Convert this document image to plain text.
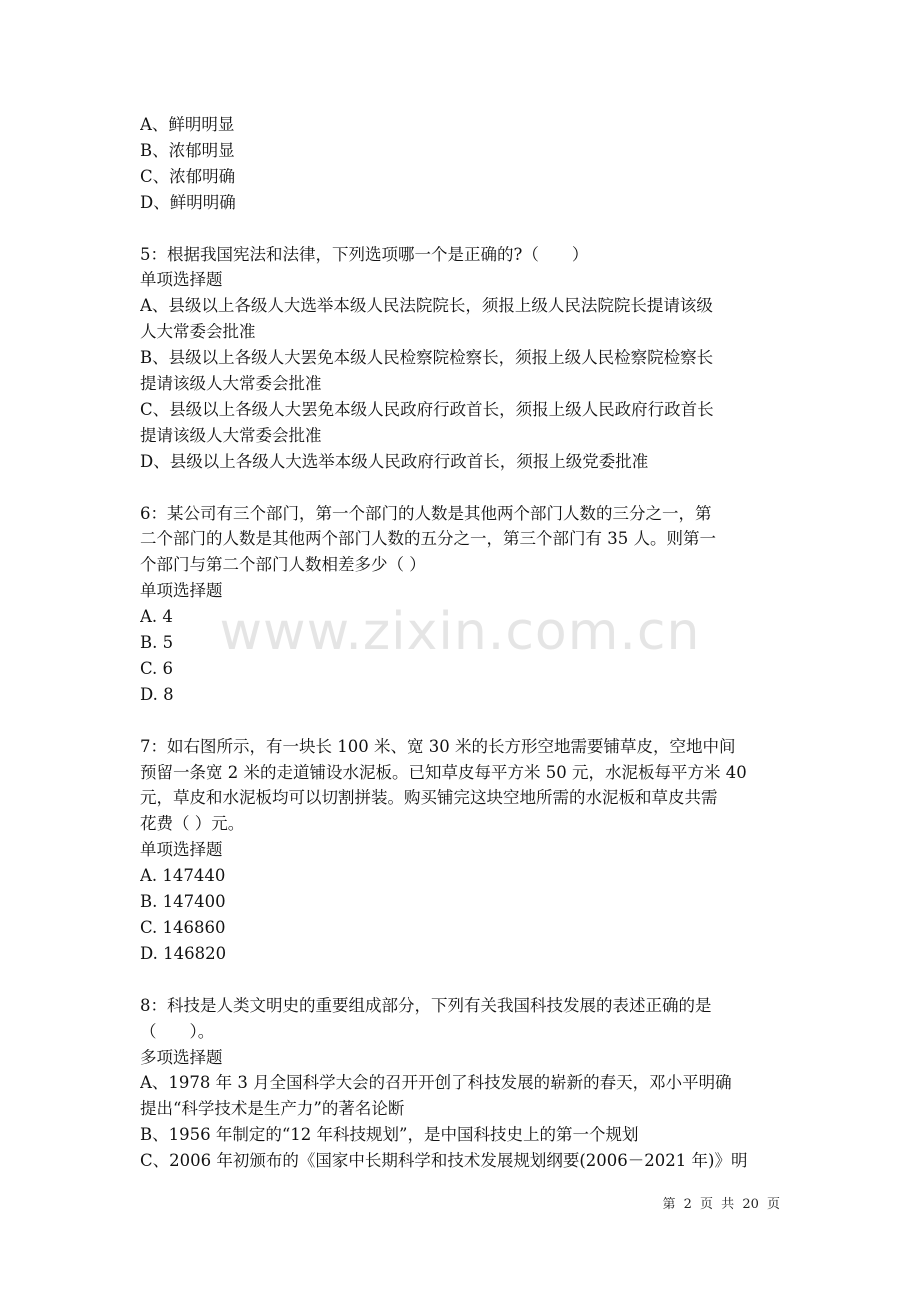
A、鲜明明显
B、浓郁明显
C、浓郁明确
D、鲜明明确
5：根据我国宪法和法律，下列选项哪一个是正确的?（　　）
单项选择题
A、县级以上各级人大选举本级人民法院院长，须报上级人民法院院长提请该级
人大常委会批准
B、县级以上各级人大罢免本级人民检察院检察长，须报上级人民检察院检察长
提请该级人大常委会批准
C、县级以上各级人大罢免本级人民政府行政首长，须报上级人民政府行政首长
提请该级人大常委会批准
D、县级以上各级人大选举本级人民政府行政首长，须报上级党委批准
6：某公司有三个部门，第一个部门的人数是其他两个部门人数的三分之一，第
二个部门的人数是其他两个部门人数的五分之一，第三个部门有 35 人。则第一
个部门与第二个部门人数相差多少（ ）
单项选择题
A. 4
B. 5
C. 6
D. 8
7：如右图所示，有一块长 100 米、宽 30 米的长方形空地需要铺草皮，空地中间
预留一条宽 2 米的走道铺设水泥板。已知草皮每平方米 50 元，水泥板每平方米 40
元，草皮和水泥板均可以切割拼装。购买铺完这块空地所需的水泥板和草皮共需
花费（ ）元。
单项选择题
A. 147440
B. 147400
C. 146860
D. 146820
8：科技是人类文明史的重要组成部分，下列有关我国科技发展的表述正确的是
（　　）。
多项选择题
A、1978 年 3 月全国科学大会的召开开创了科技发展的崭新的春天，邓小平明确
提出“科学技术是生产力”的著名论断
B、1956 年制定的“12 年科技规划”，是中国科技史上的第一个规划
C、2006 年初颁布的《国家中长期科学和技术发展规划纲要(2006－2021 年)》明
www.zixin.com.cn
第 2 页 共 20 页
